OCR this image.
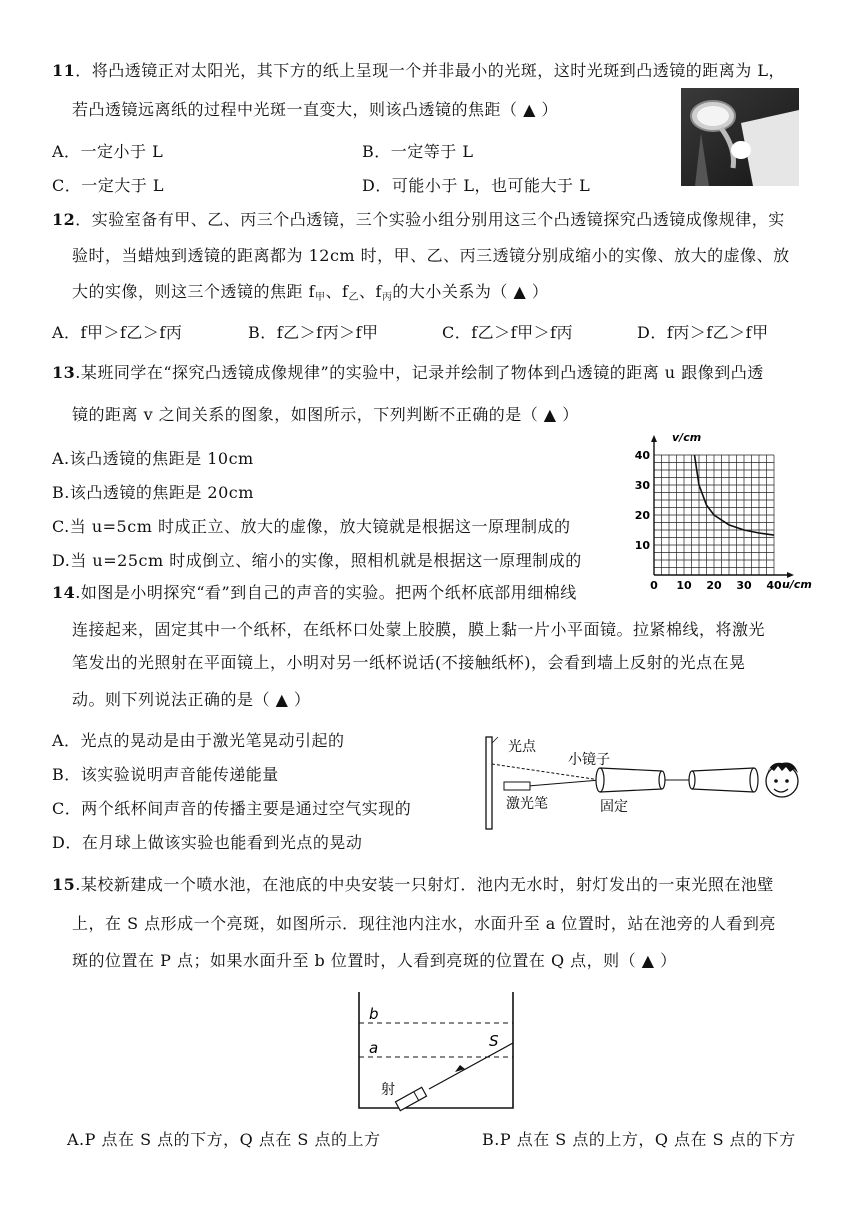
11．将凸透镜正对太阳光，其下方的纸上呈现一个并非最小的光斑，这时光斑到凸透镜的距离为 L，
若凸透镜远离纸的过程中光斑一直变大，则该凸透镜的焦距（ ▲ ）
A．一定小于 L	B．一定等于 L
C．一定大于 L	D．可能小于 L，也可能大于 L
12．实验室备有甲、乙、丙三个凸透镜，三个实验小组分别用这三个凸透镜探究凸透镜成像规律，实
验时，当蜡烛到透镜的距离都为 12cm 时，甲、乙、丙三透镜分别成缩小的实像、放大的虚像、放
大的实像，则这三个透镜的焦距 $f_甲$、$f_乙$、$f_丙$的大小关系为（ ▲ ）
A．f甲＞f乙＞f丙	B．f乙＞f丙＞f甲	C．f乙＞f甲＞f丙	D．f丙＞f乙＞f甲
13.某班同学在“探究凸透镜成像规律”的实验中，记录并绘制了物体到凸透镜的距离 u 跟像到凸透
镜的距离 v 之间关系的图象，如图所示，下列判断不正确的是（ ▲ ）
A.该凸透镜的焦距是 10cm
B.该凸透镜的焦距是 20cm
C.当 u=5cm 时成正立、放大的虚像，放大镜就是根据这一原理制成的
D.当 u=25cm 时成倒立、缩小的实像，照相机就是根据这一原理制成的
0 10 20 30 40
10
20
30
40
v/cm
u/cm
14.如图是小明探究“看”到自己的声音的实验。把两个纸杯底部用细棉线
连接起来，固定其中一个纸杯，在纸杯口处蒙上胶膜，膜上黏一片小平面镜。拉紧棉线，将激光
笔发出的光照射在平面镜上，小明对另一纸杯说话(不接触纸杯)，会看到墙上反射的光点在晃
动。则下列说法正确的是（ ▲ ）
A．光点的晃动是由于激光笔晃动引起的
B．该实验说明声音能传递能量
C．两个纸杯间声音的传播主要是通过空气实现的
D．在月球上做该实验也能看到光点的晃动
光点
激光笔
小镜子
固定
15.某校新建成一个喷水池，在池底的中央安装一只射灯．池内无水时，射灯发出的一束光照在池壁
上，在 S 点形成一个亮斑，如图所示．现往池内注水，水面升至 a 位置时，站在池旁的人看到亮
斑的位置在 P 点；如果水面升至 b 位置时，人看到亮斑的位置在 Q 点，则（ ▲ ）
b
a	S
射
A.P 点在 S 点的下方，Q 点在 S 点的上方	B.P 点在 S 点的上方，Q 点在 S 点的下方
